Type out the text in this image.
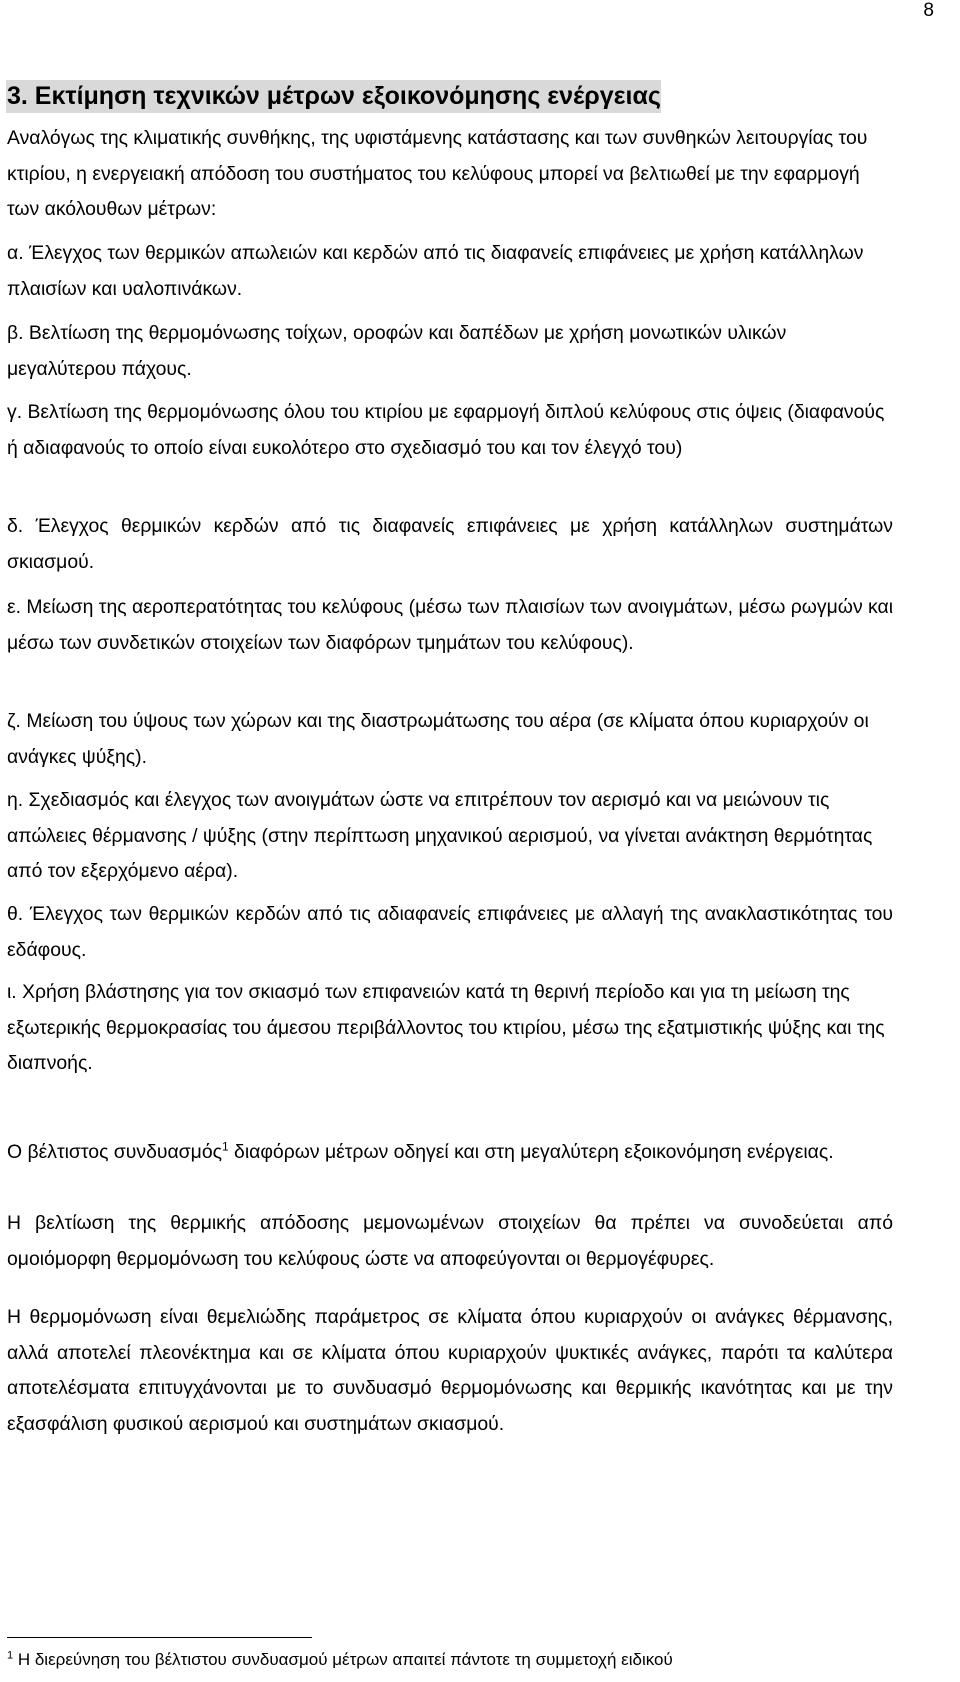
8
3. Εκτίμηση τεχνικών μέτρων εξοικονόμησης ενέργειας
Αναλόγως της κλιματικής συνθήκης, της υφιστάμενης κατάστασης και των συνθηκών λειτουργίας του κτιρίου, η ενεργειακή απόδοση του συστήματος του κελύφους μπορεί να βελτιωθεί με την εφαρμογή των ακόλουθων μέτρων:
α. Έλεγχος των θερμικών απωλειών και κερδών από τις διαφανείς επιφάνειες με χρήση κατάλληλων πλαισίων και υαλοπινάκων.
β. Βελτίωση της θερμομόνωσης τοίχων, οροφών και δαπέδων με χρήση μονωτικών υλικών μεγαλύτερου πάχους.
γ. Βελτίωση της θερμομόνωσης όλου του κτιρίου με εφαρμογή διπλού κελύφους στις όψεις (διαφανούς ή αδιαφανούς το οποίο είναι ευκολότερο στο σχεδιασμό του και τον έλεγχό του)
δ. Έλεγχος θερμικών κερδών από τις διαφανείς επιφάνειες με χρήση κατάλληλων συστημάτων σκιασμού.
ε. Μείωση της αεροπερατότητας του κελύφους (μέσω των πλαισίων των ανοιγμάτων, μέσω ρωγμών και μέσω των συνδετικών στοιχείων των διαφόρων τμημάτων του κελύφους).
ζ. Μείωση του ύψους των χώρων και της διαστρωμάτωσης του αέρα (σε κλίματα όπου κυριαρχούν οι ανάγκες ψύξης).
η. Σχεδιασμός και έλεγχος των ανοιγμάτων ώστε να επιτρέπουν τον αερισμό και να μειώνουν τις απώλειες θέρμανσης / ψύξης (στην περίπτωση μηχανικού αερισμού, να γίνεται ανάκτηση θερμότητας από τον εξερχόμενο αέρα).
θ. Έλεγχος των θερμικών κερδών από τις αδιαφανείς επιφάνειες με αλλαγή της ανακλαστικότητας του εδάφους.
ι. Χρήση βλάστησης για τον σκιασμό των επιφανειών κατά τη θερινή περίοδο και για τη μείωση της εξωτερικής θερμοκρασίας του άμεσου περιβάλλοντος του κτιρίου, μέσω της εξατμιστικής ψύξης και της διαπνοής.
Ο βέλτιστος συνδυασμός$^1$ διαφόρων μέτρων οδηγεί και στη μεγαλύτερη εξοικονόμηση ενέργειας.
Η βελτίωση της θερμικής απόδοσης μεμονωμένων στοιχείων θα πρέπει να συνοδεύεται από ομοιόμορφη θερμομόνωση του κελύφους ώστε να αποφεύγονται οι θερμογέφυρες.
Η θερμομόνωση είναι θεμελιώδης παράμετρος σε κλίματα όπου κυριαρχούν οι ανάγκες θέρμανσης, αλλά αποτελεί πλεονέκτημα και σε κλίματα όπου κυριαρχούν ψυκτικές ανάγκες, παρότι τα καλύτερα αποτελέσματα επιτυγχάνονται με το συνδυασμό θερμομόνωσης και θερμικής ικανότητας και με την εξασφάλιση φυσικού αερισμού και συστημάτων σκιασμού.
$^1$ Η διερεύνηση του βέλτιστου συνδυασμού μέτρων απαιτεί πάντοτε τη συμμετοχή ειδικού
